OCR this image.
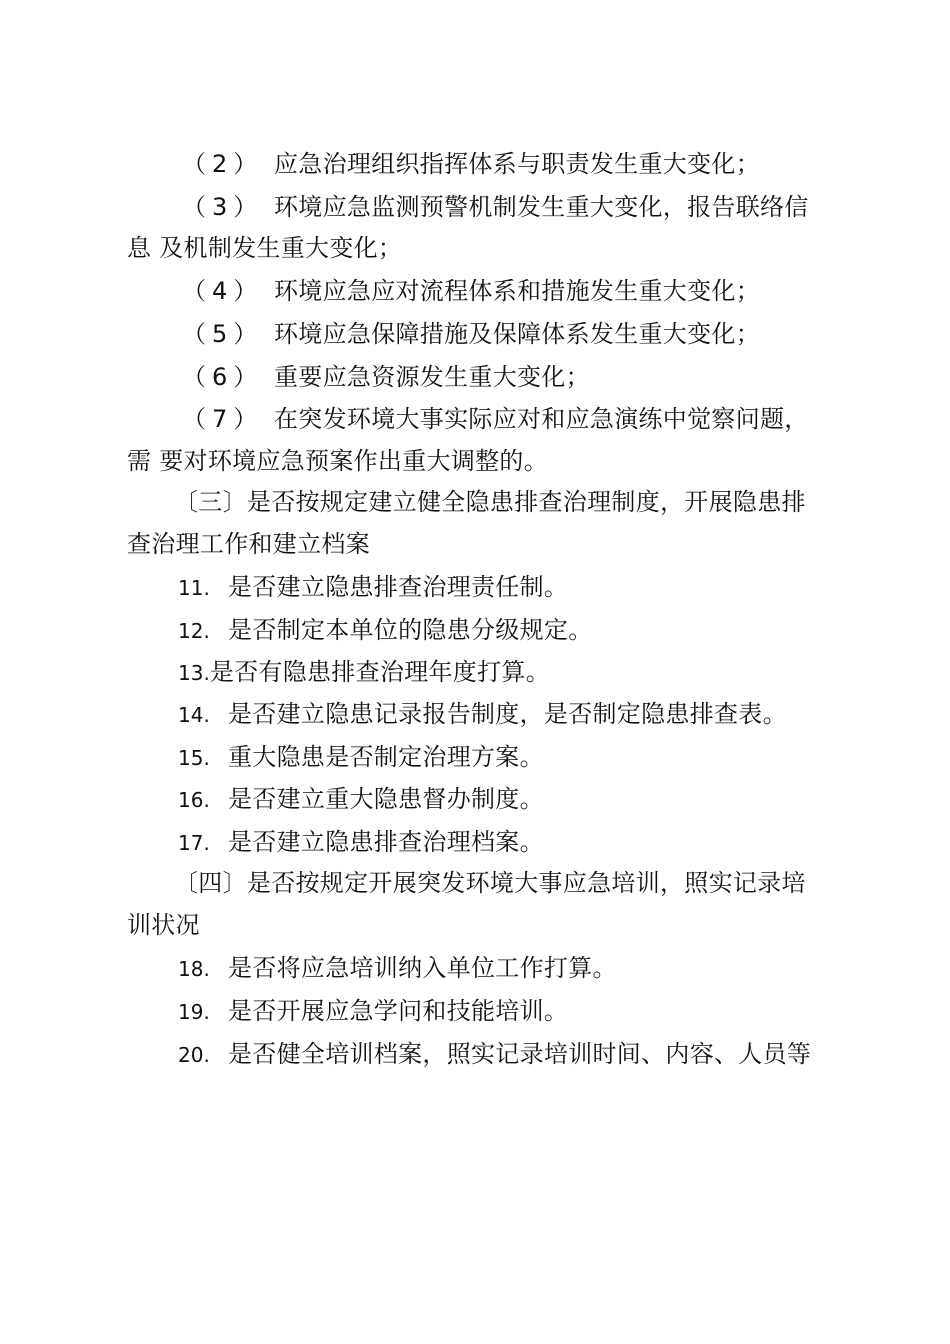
（2） 应急治理组织指挥体系与职责发生重大变化；
（3） 环境应急监测预警机制发生重大变化，报告联络信
息 及机制发生重大变化；
（4） 环境应急应对流程体系和措施发生重大变化；
（5） 环境应急保障措施及保障体系发生重大变化；
（6） 重要应急资源发生重大变化；
（7） 在突发环境大事实际应对和应急演练中觉察问题，
需 要对环境应急预案作出重大调整的。
〔三〕是否按规定建立健全隐患排查治理制度，开展隐患排
查治理工作和建立档案
11. 是否建立隐患排查治理责任制。
12. 是否制定本单位的隐患分级规定。
13.是否有隐患排查治理年度打算。
14. 是否建立隐患记录报告制度，是否制定隐患排查表。
15. 重大隐患是否制定治理方案。
16. 是否建立重大隐患督办制度。
17. 是否建立隐患排查治理档案。
〔四〕是否按规定开展突发环境大事应急培训，照实记录培
训状况
18. 是否将应急培训纳入单位工作打算。
19. 是否开展应急学问和技能培训。
20. 是否健全培训档案，照实记录培训时间、内容、人员等
